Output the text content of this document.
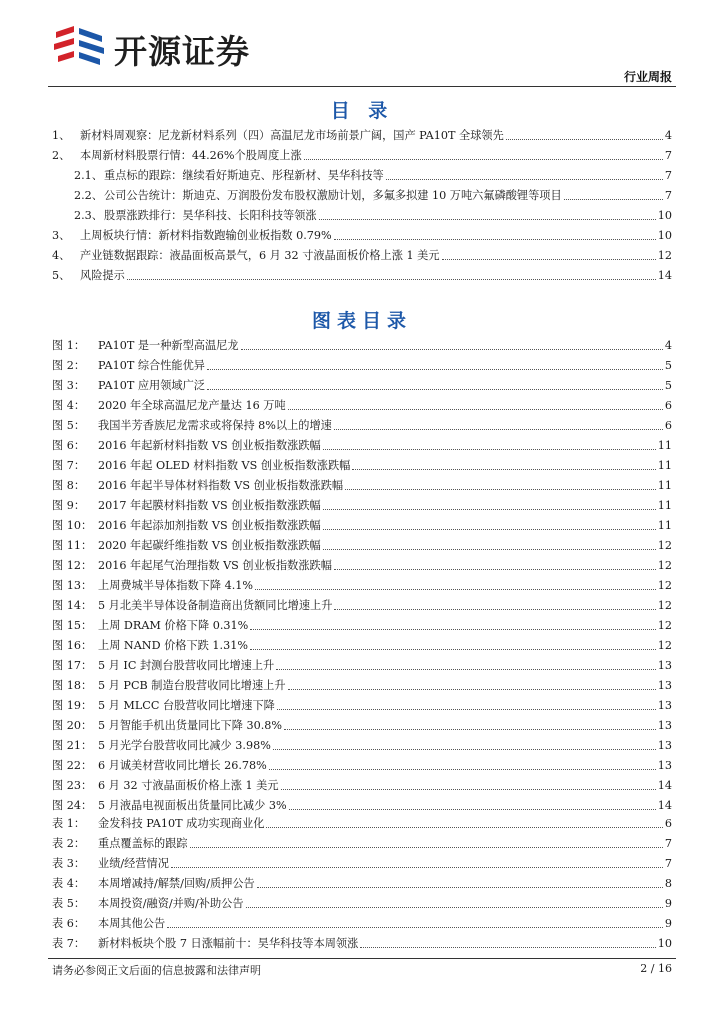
开源证券
行业周报
目 录
1、 新材料周观察：尼龙新材料系列（四）高温尼龙市场前景广阔，国产 PA10T 全球领先	4
2、 本周新材料股票行情：44.26%个股周度上涨	7
2.1、 重点标的跟踪：继续看好斯迪克、彤程新材、昊华科技等	7
2.2、 公司公告统计：斯迪克、万润股份发布股权激励计划，多氟多拟建 10 万吨六氟磷酸锂等项目	7
2.3、 股票涨跌排行：昊华科技、长阳科技等领涨	10
3、 上周板块行情：新材料指数跑输创业板指数 0.79%	10
4、 产业链数据跟踪：液晶面板高景气，6 月 32 寸液晶面板价格上涨 1 美元	12
5、 风险提示	14
图表目录
图 1：	PA10T 是一种新型高温尼龙	4
图 2：	PA10T 综合性能优异	5
图 3：	PA10T 应用领域广泛	5
图 4：	2020 年全球高温尼龙产量达 16 万吨	6
图 5：	我国半芳香族尼龙需求或将保持 8%以上的增速	6
图 6：	2016 年起新材料指数 VS 创业板指数涨跌幅	11
图 7：	2016 年起 OLED 材料指数 VS 创业板指数涨跌幅	11
图 8：	2016 年起半导体材料指数 VS 创业板指数涨跌幅	11
图 9：	2017 年起膜材料指数 VS 创业板指数涨跌幅	11
图 10： 2016 年起添加剂指数 VS 创业板指数涨跌幅	11
图 11： 2020 年起碳纤维指数 VS 创业板指数涨跌幅	12
图 12： 2016 年起尾气治理指数 VS 创业板指数涨跌幅	12
图 13： 上周费城半导体指数下降 4.1%	12
图 14： 5 月北美半导体设备制造商出货额同比增速上升	12
图 15： 上周 DRAM 价格下降 0.31%	12
图 16： 上周 NAND 价格下跌 1.31%	12
图 17： 5 月 IC 封测台股营收同比增速上升	13
图 18： 5 月 PCB 制造台股营收同比增速上升	13
图 19： 5 月 MLCC 台股营收同比增速下降	13
图 20： 5 月智能手机出货量同比下降 30.8%	13
图 21： 5 月光学台股营收同比减少 3.98%	13
图 22： 6 月诚美材营收同比增长 26.78%	13
图 23： 6 月 32 寸液晶面板价格上涨 1 美元	14
图 24： 5 月液晶电视面板出货量同比减少 3%	14
表 1：	金发科技 PA10T 成功实现商业化	6
表 2：	重点覆盖标的跟踪	7
表 3：	业绩/经营情况	7
表 4：	本周增减持/解禁/回购/质押公告	8
表 5：	本周投资/融资/并购/补助公告	9
表 6：	本周其他公告	9
表 7：	新材料板块个股 7 日涨幅前十：昊华科技等本周领涨	10
请务必参阅正文后面的信息披露和法律声明	2 / 16
